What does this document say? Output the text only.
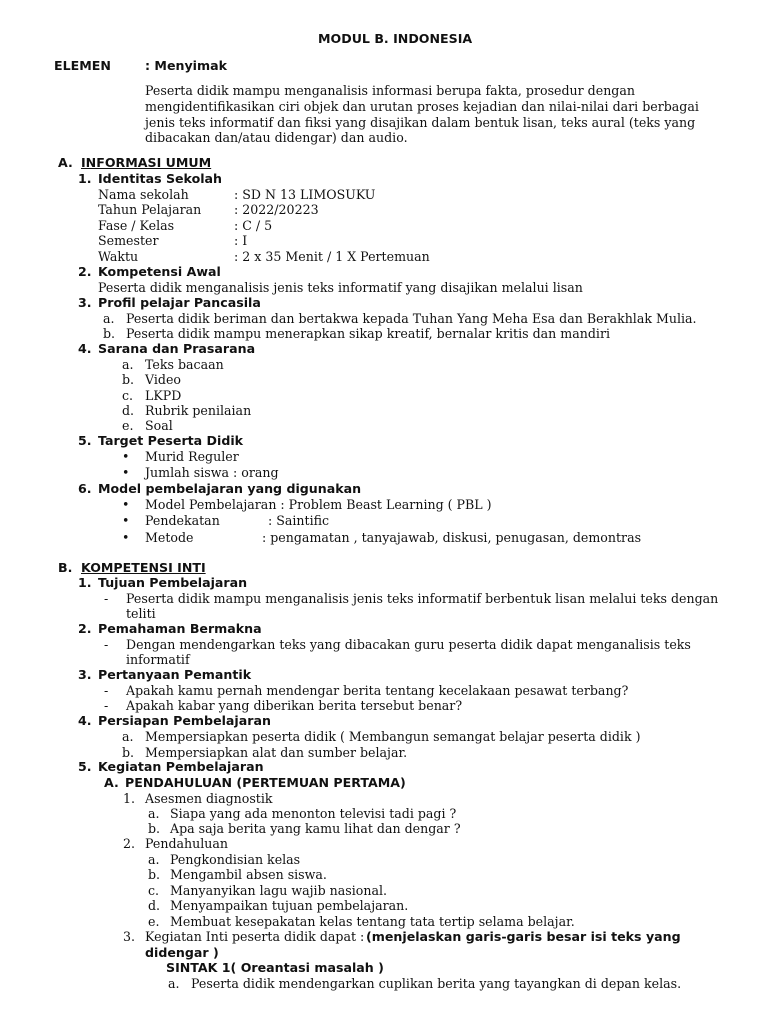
MODUL B. INDONESIA
ELEMEN	: Menyimak
Peserta didik mampu menganalisis informasi berupa fakta, prosedur dengan
mengidentifikasikan ciri objek dan urutan proses kejadian dan nilai-nilai dari berbagai
jenis teks informatif dan fiksi yang disajikan dalam bentuk lisan, teks aural (teks yang
dibacakan dan/atau didengar) dan audio.
A. INFORMASI UMUM
1. Identitas Sekolah
Nama sekolah	: SD N 13 LIMOSUKU
Tahun Pelajaran	: 2022/20223
Fase / Kelas	: C / 5
Semester	: I
Waktu	: 2 x 35 Menit / 1 X Pertemuan
2. Kompetensi Awal
Peserta didik menganalisis jenis teks informatif yang disajikan melalui lisan
3. Profil pelajar Pancasila
a. Peserta didik beriman dan bertakwa kepada Tuhan Yang Meha Esa dan Berakhlak Mulia.
b. Peserta didik mampu menerapkan sikap kreatif, bernalar kritis dan mandiri
4. Sarana dan Prasarana
a. Teks bacaan
b. Video
c. LKPD
d. Rubrik penilaian
e. Soal
5. Target Peserta Didik
• Murid Reguler
• Jumlah siswa : orang
6. Model pembelajaran yang digunakan
• Model Pembelajaran : Problem Beast Learning ( PBL )
• Pendekatan	: Saintific
• Metode	: pengamatan , tanyajawab, diskusi, penugasan, demontras
B. KOMPETENSI INTI
1. Tujuan Pembelajaran
- Peserta didik mampu menganalisis jenis teks informatif berbentuk lisan melalui teks dengan
teliti
2. Pemahaman Bermakna
- Dengan mendengarkan teks yang dibacakan guru peserta didik dapat menganalisis teks
informatif
3. Pertanyaan Pemantik
- Apakah kamu pernah mendengar berita tentang kecelakaan pesawat terbang?
- Apakah kabar yang diberikan berita tersebut benar?
4. Persiapan Pembelajaran
a. Mempersiapkan peserta didik ( Membangun semangat belajar peserta didik )
b. Mempersiapkan alat dan sumber belajar.
5. Kegiatan Pembelajaran
A. PENDAHULUAN (PERTEMUAN PERTAMA)
1. Asesmen diagnostik
a. Siapa yang ada menonton televisi tadi pagi ?
b. Apa saja berita yang kamu lihat dan dengar ?
2. Pendahuluan
a. Pengkondisian kelas
b. Mengambil absen siswa.
c. Manyanyikan lagu wajib nasional.
d. Menyampaikan tujuan pembelajaran.
e. Membuat kesepakatan kelas tentang tata tertip selama belajar.
3. Kegiatan Inti peserta didik dapat : (menjelaskan garis-garis besar isi teks yang
didengar )
SINTAK 1( Oreantasi masalah )
a. Peserta didik mendengarkan cuplikan berita yang tayangkan di depan kelas.
